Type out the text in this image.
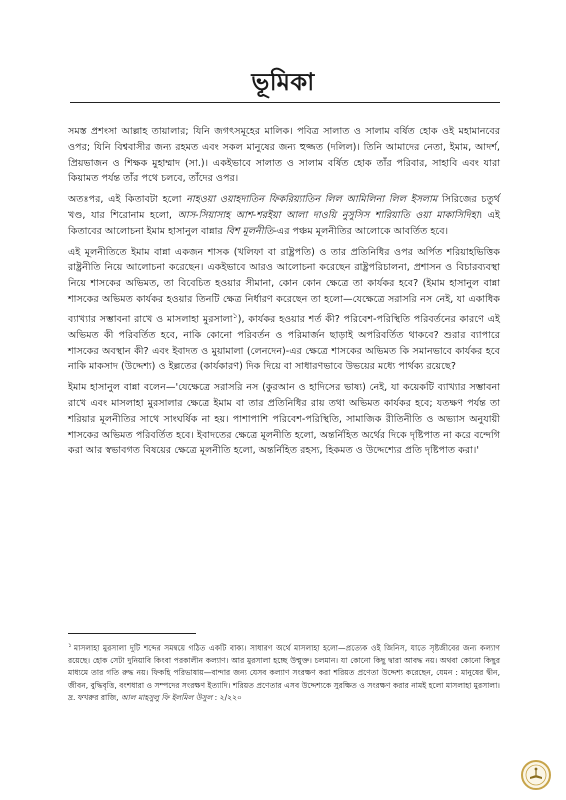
ভূমিকা

সমস্ত প্রশংসা আল্লাহ তায়ালার; যিনি জগৎসমূহের মালিক। পবিত্র সালাত ও সালাম বর্ষিত হোক ওই মহামানবের ওপর; যিনি বিশ্ববাসীর জন্য রহমত এবং সকল মানুষের জন্য হুজ্জত (দলিল)। তিনি আমাদের নেতা, ইমাম, আদর্শ, প্রিয়ভাজন ও শিক্ষক মুহাম্মাদ (সা.)। একইভাবে সালাত ও সালাম বর্ষিত হোক তাঁর পরিবার, সাহাবি এবং যারা কিয়ামত পর্যন্ত তাঁর পথে চলবে, তাঁদের ওপর।

অতঃপর, এই কিতাবটা হলো নাহওয়া ওয়াহদাতিন ফিকরিয়্যাতিন লিল আমিলিনা লিল ইসলাম সিরিজের চতুর্থ খণ্ড, যার শিরোনাম হলো, আস-সিয়াসাহ আশ-শরইয়া আলা দাওয়ি নুসুসিস শারিয়াতি ওয়া মাকাসিদিহা। এই কিতাবের আলোচনা ইমাম হাসানুল বান্নার বিশ মূলনীতি-এর পঞ্চম মূলনীতির আলোকে আবর্তিত হবে।

এই মূলনীতিতে ইমাম বান্না একজন শাসক (খলিফা বা রাষ্ট্রপতি) ও তার প্রতিনিধির ওপর অর্পিত শরিয়াহভিত্তিক রাষ্ট্রনীতি নিয়ে আলোচনা করেছেন। একইভাবে আরও আলোচনা করেছেন রাষ্ট্রপরিচালনা, প্রশাসন ও বিচারব্যবস্থা নিয়ে শাসকের অভিমত, তা বিবেচিত হওয়ার সীমানা, কোন কোন ক্ষেত্রে তা কার্যকর হবে? (ইমাম হাসানুল বান্না শাসকের অভিমত কার্যকর হওয়ার তিনটি ক্ষেত্র নির্ধারণ করেছেন তা হলো—যেক্ষেত্রে সরাসরি নস নেই, যা একাধিক ব্যাখ্যার সম্ভাবনা রাখে ও মাসলাহা মুরসালা$^১$), কার্যকর হওয়ার শর্ত কী? পরিবেশ-পরিস্থিতি পরিবর্তনের কারণে এই অভিমত কী পরিবর্তিত হবে, নাকি কোনো পরিবর্তন ও পরিমার্জন ছাড়াই অপরিবর্তিত থাকবে? শুরার ব্যাপারে শাসকের অবস্থান কী? এবং ইবাদত ও মুয়ামালা (লেনদেন)-এর ক্ষেত্রে শাসকের অভিমত কি সমানভাবে কার্যকর হবে নাকি মাকসাদ (উদ্দেশ্য) ও ইল্লতের (কার্যকারণ) দিক দিয়ে বা সাধারণভাবে উভয়ের মধ্যে পার্থক্য রয়েছে?

ইমাম হাসানুল বান্না বলেন—'যেক্ষেত্রে সরাসরি নস (কুরআন ও হাদিসের ভাষ্য) নেই, যা কয়েকটি ব্যাখ্যার সম্ভাবনা রাখে এবং মাসলাহা মুরসালার ক্ষেত্রে ইমাম বা তার প্রতিনিধির রায় তথা অভিমত কার্যকর হবে; যতক্ষণ পর্যন্ত তা শরিয়ার মূলনীতির সাথে সাংঘর্ষিক না হয়। পাশাপাশি পরিবেশ-পরিস্থিতি, সামাজিক রীতিনীতি ও অভ্যাস অনুযায়ী শাসকের অভিমত পরিবর্তিত হবে। ইবাদতের ক্ষেত্রে মূলনীতি হলো, অন্তর্নিহিত অর্থের দিকে দৃষ্টিপাত না করে বন্দেগি করা আর স্বভাবগত বিষয়ের ক্ষেত্রে মূলনীতি হলো, অন্তর্নিহিত রহস্য, হিকমত ও উদ্দেশ্যের প্রতি দৃষ্টিপাত করা।'

$^১$ মাসলাহা মুরসালা দুটি শব্দের সমন্বয়ে গঠিত একটি বাক্য। সাধারণ অর্থে মাসলাহা হলো—প্রত্যেক ওই জিনিস, যাতে সৃষ্টজীবের জন্য কল্যাণ রয়েছে। হোক সেটা দুনিয়াবি কিংবা পরকালীন কল্যাণ। আর মুরসালা হচ্ছে উন্মুক্ত। চলমান। যা কোনো কিছু দ্বারা আবদ্ধ নয়। অথবা কোনো কিছুর মাধ্যমে তার গতি রুদ্ধ নয়। ফিকহি পরিভাষায়—বান্দার জন্য যেসব কল্যাণ সংরক্ষণ করা শরিয়ত প্রণেতা উদ্দেশ্য করেছেন, যেমন : মানুষের দ্বীন, জীবন, বুদ্ধিবৃত্তি, বংশধারা ও সম্পদের সংরক্ষণ ইত্যাদি। শরিয়ত প্রণেতার এসব উদ্দেশ্যকে সুরক্ষিত ও সংরক্ষণ করার নামই হলো মাসলাহা মুরসালা। দ্র. ফখরুর রাজি, আল মাহসুলু ফি ইলমিল উসুল : ২/২২০
